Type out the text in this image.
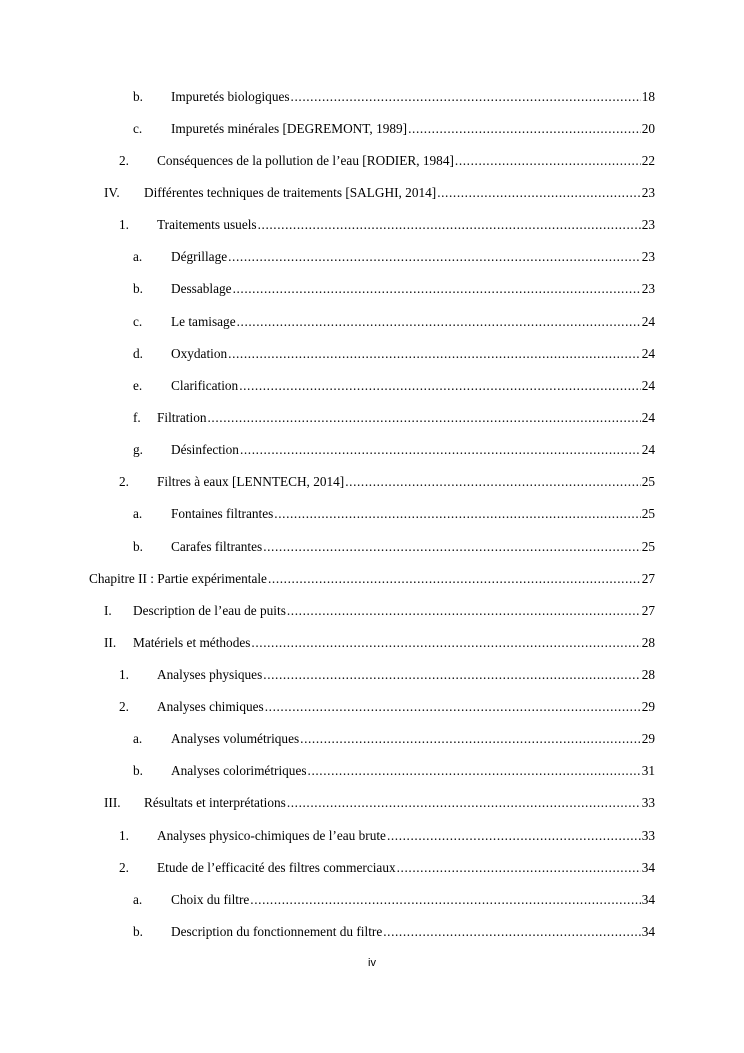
b.	Impuretés biologiques .....	18
c.	Impuretés minérales [DEGREMONT, 1989] .....	20
2.	Conséquences de la pollution de l’eau [RODIER, 1984] .....	22
IV.	Différentes techniques de traitements [SALGHI, 2014] .....	23
1.	Traitements usuels .....	23
a.	Dégrillage .....	23
b.	Dessablage .....	23
c.	Le tamisage .....	24
d.	Oxydation .....	24
e.	Clarification .....	24
f.	Filtration .....	24
g.	Désinfection .....	24
2.	Filtres à eaux [LENNTECH, 2014] .....	25
a.	Fontaines filtrantes .....	25
b.	Carafes filtrantes .....	25
Chapitre II : Partie expérimentale .....	27
I.	Description de l’eau de puits .....	27
II.	Matériels et méthodes .....	28
1.	Analyses physiques .....	28
2.	Analyses chimiques .....	29
a.	Analyses volumétriques .....	29
b.	Analyses colorimétriques .....	31
III.	Résultats et interprétations .....	33
1.	Analyses physico-chimiques de l’eau brute .....	33
2.	Etude de l’efficacité des filtres commerciaux .....	34
a.	Choix du filtre .....	34
b.	Description du fonctionnement du filtre .....	34
iv
